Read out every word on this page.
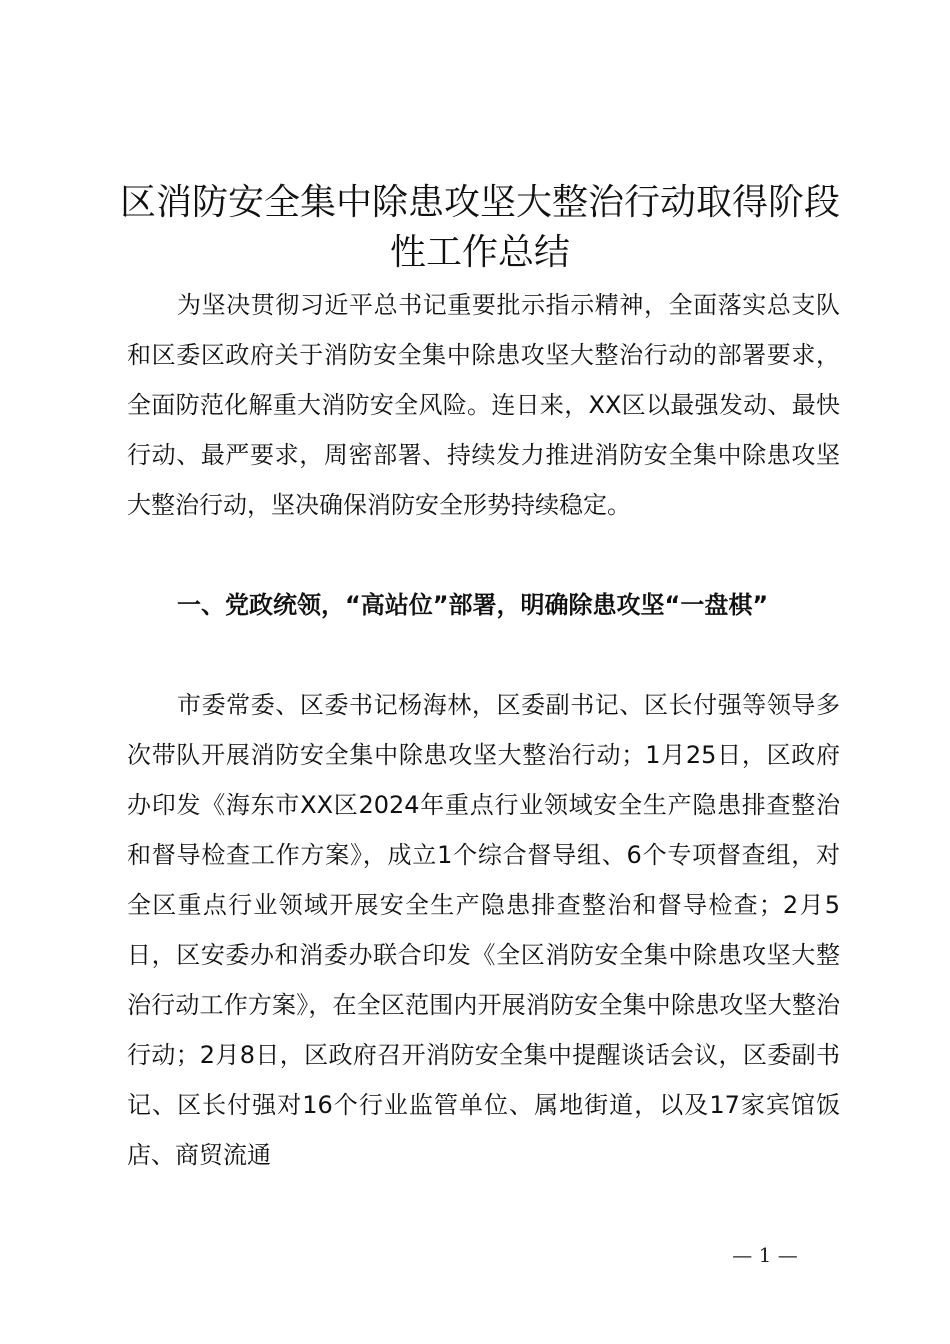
区消防安全集中除患攻坚大整治行动取得阶段性工作总结

为坚决贯彻习近平总书记重要批示指示精神，全面落实总支队和区委区政府关于消防安全集中除患攻坚大整治行动的部署要求，全面防范化解重大消防安全风险。连日来，XX区以最强发动、最快行动、最严要求，周密部署、持续发力推进消防安全集中除患攻坚大整治行动，坚决确保消防安全形势持续稳定。

一、党政统领，“高站位”部署，明确除患攻坚“一盘棋”

市委常委、区委书记杨海林，区委副书记、区长付强等领导多次带队开展消防安全集中除患攻坚大整治行动；1月25日，区政府办印发《海东市XX区2024年重点行业领域安全生产隐患排查整治和督导检查工作方案》，成立1个综合督导组、6个专项督查组，对全区重点行业领域开展安全生产隐患排查整治和督导检查；2月5日，区安委办和消委办联合印发《全区消防安全集中除患攻坚大整治行动工作方案》，在全区范围内开展消防安全集中除患攻坚大整治行动；2月8日，区政府召开消防安全集中提醒谈话会议，区委副书记、区长付强对16个行业监管单位、属地街道，以及17家宾馆饭店、商贸流通

— 1 —
